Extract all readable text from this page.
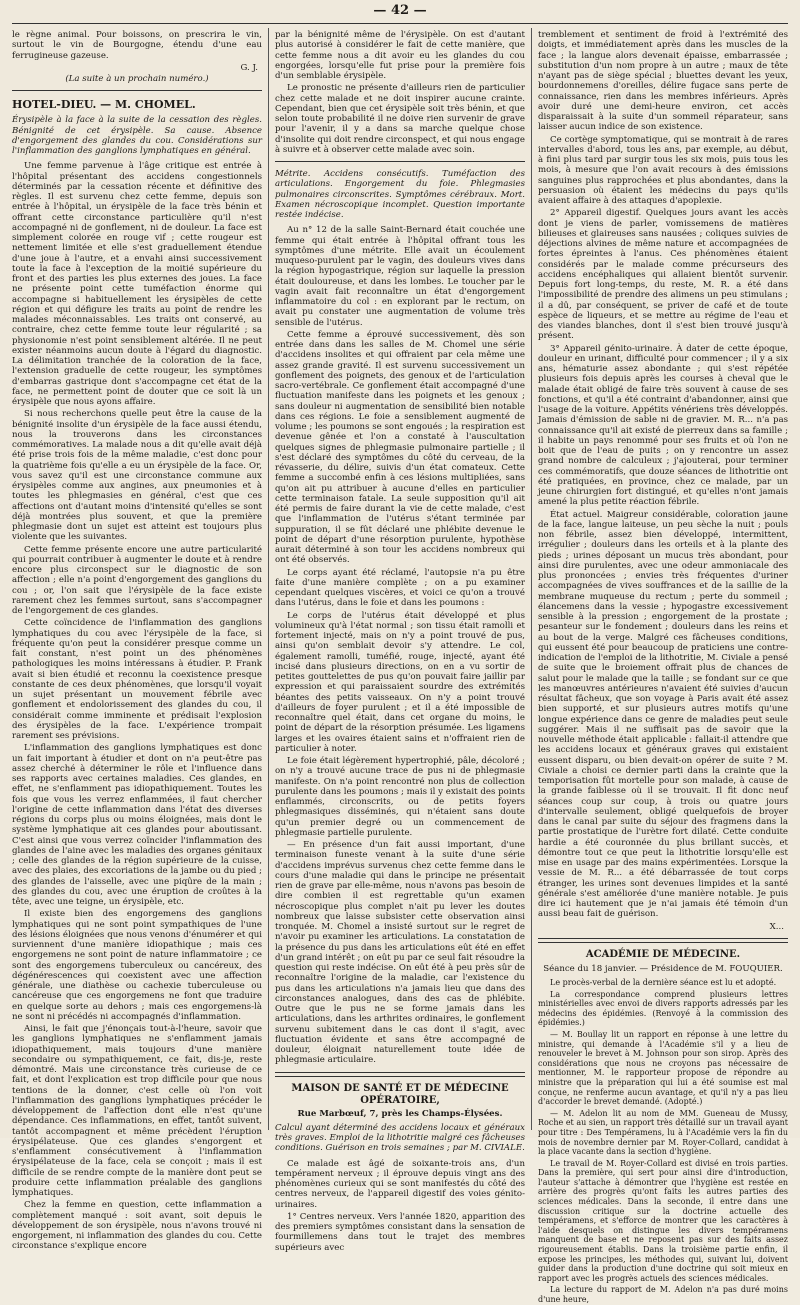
— 42 —

le règne animal. Pour boissons, on prescrira le vin, surtout le vin de Bourgogne, étendu d'une eau ferrugineuse gazeuse.

G. J.
(La suite à un prochain numéro.)
HOTEL-DIEU. — M. CHOMEL.

Érysipèle à la face à la suite de la cessation des règles. Bénignité de cet érysipèle. Sa cause. Absence d'engorgement des glandes du cou. Considérations sur l'inflammation des ganglions lymphatiques en général.

Une femme parvenue à l'âge critique est entrée à l'hôpital présentant des accidens congestionnels déterminés par la cessation récente et définitive des règles. Il est survenu chez cette femme, depuis son entrée à l'hôpital, un érysipèle de la face très bénin et offrant cette circonstance particulière qu'il n'est accompagné ni de gonflement, ni de douleur. La face est simplement colorée en rouge vif ; cette rougeur est nettement limitée et elle s'est graduellement étendue d'une joue à l'autre, et a envahi ainsi successivement toute la face à l'exception de la moitié supérieure du front et des parties les plus externes des joues. La face ne présente point cette tuméfaction énorme qui accompagne si habituellement les érysipèles de cette région et qui défigure les traits au point de rendre les malades méconnaissables. Les traits ont conservé, au contraire, chez cette femme toute leur régularité ; sa physionomie n'est point sensiblement altérée. Il ne peut exister néanmoins aucun doute à l'égard du diagnostic. La délimitation tranchée de la coloration de la face, l'extension graduelle de cette rougeur, les symptômes d'embarras gastrique dont s'accompagne cet état de la face, ne permettent point de douter que ce soit là un érysipèle que nous ayons affaire.

Si nous recherchons quelle peut être la cause de la bénignité insolite d'un érysipèle de la face aussi étendu, nous la trouverons dans les circonstances commémoratives. La malade nous a dit qu'elle avait déjà été prise trois fois de la même maladie, c'est donc pour la quatrième fois qu'elle a eu un érysipèle de la face. Or, vous savez qu'il est une circonstance commune aux érysipèles comme aux angines, aux pneumonies et à toutes les phlegmasies en général, c'est que ces affections ont d'autant moins d'intensité qu'elles se sont déjà montrées plus souvent, et que la première phlegmasie dont un sujet est atteint est toujours plus violente que les suivantes.

Cette femme présente encore une autre particularité qui pourrait contribuer à augmenter le doute et à rendre encore plus circonspect sur le diagnostic de son affection ; elle n'a point d'engorgement des ganglions du cou ; or, l'on sait que l'érysipèle de la face existe rarement chez les femmes surtout, sans s'accompagner de l'engorgement de ces glandes.

Cette coïncidence de l'inflammation des ganglions lymphatiques du cou avec l'érysipèle de la face, si fréquente qu'on peut la considérer presque comme un fait constant, n'est point un des phénomènes pathologiques les moins intéressans à étudier. P. Frank avait si bien étudié et reconnu la coexistence presque constante de ces deux phénomènes, que lorsqu'il voyait un sujet présentant un mouvement fébrile avec gonflement et endolorissement des glandes du cou, il considérait comme imminente et prédisait l'explosion des érysipèles de la face. L'expérience trompait rarement ses prévisions.

L'inflammation des ganglions lymphatiques est donc un fait important à étudier et dont on n'a peut-être pas assez cherché à déterminer le rôle et l'influence dans ses rapports avec certaines maladies. Ces glandes, en effet, ne s'enflamment pas idiopathiquement. Toutes les fois que vous les verrez enflammées, il faut chercher l'origine de cette inflammation dans l'état des diverses régions du corps plus ou moins éloignées, mais dont le système lymphatique ait ces glandes pour aboutissant. C'est ainsi que vous verrez coïncider l'inflammation des glandes de l'aine avec les maladies des organes génitaux ; celle des glandes de la région supérieure de la cuisse, avec des plaies, des excoriations de la jambe ou du pied ; des glandes de l'aisselle, avec une piqûre de la main ; des glandes du cou, avec une éruption de croûtes à la tête, avec une teigne, un érysipèle, etc.

Il existe bien des engorgemens des ganglions lymphatiques qui ne sont point sympathiques de l'une des lésions éloignées que nous venons d'énumérer et qui surviennent d'une manière idiopathique ; mais ces engorgemens ne sont point de nature inflammatoire ; ce sont des engorgemens tuberculeux ou cancéreux, des dégénérescences qui coexistent avec une affection générale, une diathèse ou cachexie tuberculeuse ou cancéreuse que ces engorgemens ne font que traduire en quelque sorte au dehors ; mais ces engorgemens-là ne sont ni précédés ni accompagnés d'inflammation.

Ainsi, le fait que j'énonçais tout-à-l'heure, savoir que les ganglions lymphatiques ne s'enflamment jamais idiopathiquement, mais toujours d'une manière secondaire ou sympathiquement, ce fait, dis-je, reste démontré. Mais une circonstance très curieuse de ce fait, et dont l'explication est trop difficile pour que nous tentions de la donner, c'est celle où l'on voit l'inflammation des ganglions lymphatiques précéder le développement de l'affection dont elle n'est qu'une dépendance. Ces inflammations, en effet, tantôt suivent, tantôt accompagnent et même précèdent l'éruption érysipélateuse. Que ces glandes s'engorgent et s'enflamment consécutivement à l'inflammation érysipélateuse de la face, cela se conçoit ; mais il est difficile de se rendre compte de la manière dont peut se produire cette inflammation préalable des ganglions lymphatiques.

Chez la femme en question, cette inflammation a complètement manqué : soit avant, soit depuis le développement de son érysipèle, nous n'avons trouvé ni engorgement, ni inflammation des glandes du cou. Cette circonstance s'explique encore

par la bénignité même de l'érysipèle. On est d'autant plus autorisé à considérer le fait de cette manière, que cette femme nous a dit avoir eu les glandes du cou engorgées, lorsqu'elle fut prise pour la première fois d'un semblable érysipèle.

Le pronostic ne présente d'ailleurs rien de particulier chez cette malade et ne doit inspirer aucune crainte. Cependant, bien que cet érysipèle soit très bénin, et que selon toute probabilité il ne doive rien survenir de grave pour l'avenir, il y a dans sa marche quelque chose d'insolite qui doit rendre circonspect, et qui nous engage à suivre et à observer cette malade avec soin.

Métrite. Accidens consécutifs. Tuméfaction des articulations. Engorgement du foie. Phlegmasies pulmonaires circonscrites. Symptômes cérébraux. Mort. Examen nécroscopique incomplet. Question importante restée indécise.

Au n° 12 de la salle Saint-Bernard était couchée une femme qui était entrée à l'hôpital offrant tous les symptômes d'une métrite. Elle avait un écoulement muqueso-purulent par le vagin, des douleurs vives dans la région hypogastrique, région sur laquelle la pression était douloureuse, et dans les lombes. Le toucher par le vagin avait fait reconnaître un état d'engorgement inflammatoire du col : en explorant par le rectum, on avait pu constater une augmentation de volume très sensible de l'utérus.

Cette femme a éprouvé successivement, dès son entrée dans dans les salles de M. Chomel une série d'accidens insolites et qui offraient par cela même une assez grande gravité. Il est survenu successivement un gonflement des poignets, des genoux et de l'articulation sacro-vertébrale. Ce gonflement était accompagné d'une fluctuation manifeste dans les poignets et les genoux ; sans douleur ni augmentation de sensibilité bien notable dans ces régions. Le foie a sensiblement augmenté de volume ; les poumons se sont engoués ; la respiration est devenue gênée et l'on a constaté à l'auscultation quelques signes de phlegmasie pulmonaire partielle ; il s'est déclaré des symptômes du côté du cerveau, de la révasserie, du délire, suivis d'un état comateux. Cette femme a succombé enfin à ces lésions multipliées, sans qu'on ait pu attribuer à aucune d'elles en particulier cette terminaison fatale. La seule supposition qu'il ait été permis de faire durant la vie de cette malade, c'est que l'inflammation de l'utérus s'étant terminée par suppuration, il se fût déclaré une phlébite devenue le point de départ d'une résorption purulente, hypothèse aurait déterminé à son tour les accidens nombreux qui ont été observés.

Le corps ayant été réclamé, l'autopsie n'a pu être faite d'une manière complète ; on a pu examiner cependant quelques viscères, et voici ce qu'on a trouvé dans l'utérus, dans le foie et dans les poumons :

Le corps de l'utérus était développé et plus volumineux qu'à l'état normal ; son tissu était ramolli et fortement injecté, mais on n'y a point trouvé de pus, ainsi qu'on semblait devoir s'y attendre. Le col, également ramolli, tuméfié, rouge, injecté, ayant été incisé dans plusieurs directions, on en a vu sortir de petites gouttelettes de pus qu'on pouvait faire jaillir par expression et qui paraissaient sourdre des extrémités béantes des petits vaisseaux. On n'y a point trouvé d'ailleurs de foyer purulent ; et il a été impossible de reconnaître quel était, dans cet organe du moins, le point de départ de la résorption présumée. Les ligamens larges et les ovaires étaient sains et n'offraient rien de particulier à noter.

Le foie était légèrement hypertrophié, pâle, décoloré ; on n'y a trouvé aucune trace de pus ni de phlegmasie manifeste. On n'a point rencontré non plus de collection purulente dans les poumons ; mais il y existait des points enflammés, circonscrits, ou de petits foyers phlegmasiques disséminés, qui n'étaient sans doute qu'un premier degré ou un commencement de phlegmasie partielle purulente.

— En présence d'un fait aussi important, d'une terminaison funeste venant à la suite d'une série d'accidens imprévus survenus chez cette femme dans le cours d'une maladie qui dans le principe ne présentait rien de grave par elle-même, nous n'avons pas besoin de dire combien il est regrettable qu'un examen nécroscopique plus complet n'ait pu lever les doutes nombreux que laisse subsister cette observation ainsi tronquée. M. Chomel a insisté surtout sur le regret de n'avoir pu examiner les articulations. La constatation de la présence du pus dans les articulations eût été en effet d'un grand intérêt ; on eût pu par ce seul fait résoudre la question qui reste indécise. On eût été à peu près sûr de reconnaître l'origine de la maladie, car l'existence du pus dans les articulations n'a jamais lieu que dans des circonstances analogues, dans des cas de phlébite. Outre que le pus ne se forme jamais dans les articulations, dans les arthrites ordinaires, le gonflement survenu subitement dans le cas dont il s'agit, avec fluctuation évidente et sans être accompagné de douleur, éloignait naturellement toute idée de phlegmasie articulaire.

MAISON DE SANTÉ ET DE MÉDECINE OPÉRATOIRE,
Rue Marbœuf, 7, près les Champs-Élysées.

Calcul ayant déterminé des accidens locaux et généraux très graves. Emploi de la lithotritie malgré ces fâcheuses conditions. Guérison en trois semaines ; par M. CIVIALE.

Ce malade est âgé de soixante-trois ans, d'un tempérament nerveux ; il éprouve depuis vingt ans des phénomènes curieux qui se sont manifestés du côté des centres nerveux, de l'appareil digestif des voies génito-urinaires.

1° Centres nerveux. Vers l'année 1820, apparition des des premiers symptômes consistant dans la sensation de fourmillemens dans tout le trajet des membres supérieurs avec

tremblement et sentiment de froid à l'extrémité des doigts, et immédiatement après dans les muscles de la face ; la langue alors devenait épaisse, embarrassée ; substitution d'un nom propre à un autre ; maux de tête n'ayant pas de siège spécial ; bluettes devant les yeux, bourdonnemens d'oreilles, délire fugace sans perte de connaissance, rien dans les membres inférieurs. Après avoir duré une demi-heure environ, cet accès disparaissait à la suite d'un sommeil réparateur, sans laisser aucun indice de son existence.

Ce cortège symptomatique, qui se montrait à de rares intervalles d'abord, tous les ans, par exemple, au début, à fini plus tard par surgir tous les six mois, puis tous les mois, à mesure que l'on avait recours à des émissions sanguines plus rapprochées et plus abondantes, dans la persuasion où étaient les médecins du pays qu'ils avaient affaire à des attaques d'apoplexie.

2° Appareil digestif. Quelques jours avant les accès dont je viens de parler, vomissemens de matières bilieuses et glaireuses sans nausées ; coliques suivies de déjections alvines de même nature et accompagnées de fortes épreintes à l'anus. Ces phénomènes étaient considérés par le malade comme précurseurs des accidens encéphaliques qui allaient bientôt survenir. Depuis fort long-temps, du reste, M. R. a été dans l'impossibilité de prendre des alimens un peu stimulans ; il a dû, par conséquent, se priver de café et de toute espèce de liqueurs, et se mettre au régime de l'eau et des viandes blanches, dont il s'est bien trouvé jusqu'à présent.

3° Appareil génito-urinaire. À dater de cette époque, douleur en urinant, difficulté pour commencer ; il y a six ans, hématurie assez abondante ; qui s'est répétée plusieurs fois depuis après les courses à cheval que le malade était obligé de faire très souvent à cause de ses fonctions, et qu'il a été contraint d'abandonner, ainsi que l'usage de la voiture. Appétits vénériens très développés. Jamais d'émission de sable ni de gravier. M. R... n'a pas connaissance qu'il ait existé de pierreux dans sa famille ; il habite un pays renommé pour ses fruits et où l'on ne boit que de l'eau de puits ; on y rencontre un assez grand nombre de calculeux ; j'ajouterai, pour terminer ces commémoratifs, que douze séances de lithotritie ont été pratiquées, en province, chez ce malade, par un jeune chirurgien fort distingué, et qu'elles n'ont jamais amené la plus petite réaction fébrile.

État actuel. Maigreur considérable, coloration jaune de la face, langue laiteuse, un peu sèche la nuit ; pouls non fébrile, assez bien développé, intermittent, irrégulier ; douleurs dans les orteils et à la plante des pieds ; urines déposant un mucus très abondant, pour ainsi dire purulentes, avec une odeur ammoniacale des plus prononcées ; envies très fréquentes d'uriner accompagnées de vives souffrances et de la saillie de la membrane muqueuse du rectum ; perte du sommeil ; élancemens dans la vessie ; hypogastre excessivement sensible à la pression ; engorgement de la prostate ; pesanteur sur le fondement ; douleurs dans les reins et au bout de la verge. Malgré ces fâcheuses conditions, qui eussent été pour beaucoup de praticiens une contre-indication de l'emploi de la lithotritie, M. Civiale a pensé de suite que le broiement offrait plus de chances de salut pour le malade que la taille ; se fondant sur ce que les manœuvres antérieures n'avaient été suivies d'aucun résultat fâcheux, que son voyage à Paris avait été assez bien supporté, et sur plusieurs autres motifs qu'une longue expérience dans ce genre de maladies peut seule suggérer. Mais il ne suffisait pas de savoir que la nouvelle méthode était applicable : fallait-il attendre que les accidens locaux et généraux graves qui existaient eussent disparu, ou bien devait-on opérer de suite ? M. Civiale a choisi ce dernier parti dans la crainte que la temporisation fût mortelle pour son malade, à cause de la grande faiblesse où il se trouvait. Il fit donc neuf séances coup sur coup, à trois ou quatre jours d'intervalle seulement, obligé quelquefois de broyer dans le canal par suite du séjour des fragmens dans la partie prostatique de l'urètre fort dilaté. Cette conduite hardie a été couronnée du plus brillant succès, et démontre tout ce que peut la lithotritie lorsqu'elle est mise en usage par des mains expérimentées. Lorsque la vessie de M. R... a été débarrassée de tout corps étranger, les urines sont devenues limpides et la santé générale s'est améliorée d'une manière notable. Je puis dire ici hautement que je n'ai jamais été témoin d'un aussi beau fait de guérison.

X...
ACADÉMIE DE MÉDECINE.
Séance du 18 janvier. — Présidence de M. FOUQUIER.

Le procès-verbal de la dernière séance est lu et adopté.

La correspondance comprend plusieurs lettres ministérielles avec envoi de divers rapports adressés par les médecins des épidémies. (Renvoyé à la commission des épidémies.)

— M. Boullay lit un rapport en réponse à une lettre du ministre, qui demande à l'Académie s'il y a lieu de renouveler le brevet à M. Johnson pour son sirop. Après des considérations que nous ne croyons pas nécessaire de mentionner, M. le rapporteur propose de répondre au ministre que la préparation qui lui a été soumise est mal conçue, ne renferme aucun avantage, et qu'il n'y a pas lieu d'accorder le brevet demandé. (Adopté.)

— M. Adelon lit au nom de MM. Gueneau de Mussy, Roche et au sien, un rapport très détaillé sur un travail ayant pour titre : Des Tempéramens, lu à l'Académie vers la fin du mois de novembre dernier par M. Royer-Collard, candidat à la place vacante dans la section d'hygiène.

Le travail de M. Royer-Collard est divisé en trois parties. Dans la première, qui sert pour ainsi dire d'introduction, l'auteur s'attache à démontrer que l'hygiène est restée en arrière des progrès qu'ont faits les autres parties des sciences médicales. Dans la seconde, il entre dans une discussion critique sur la doctrine actuelle des tempéramens, et s'efforce de montrer que les caractères à l'aide desquels on distingue les divers tempéramens manquent de base et ne reposent pas sur des faits assez rigoureusement établis. Dans la troisième partie enfin, il expose les principes, les méthodes qui, suivant lui, doivent guider dans la production d'une doctrine qui soit mieux en rapport avec les progrès actuels des sciences médicales.

La lecture du rapport de M. Adelon n'a pas duré moins d'une heure,
